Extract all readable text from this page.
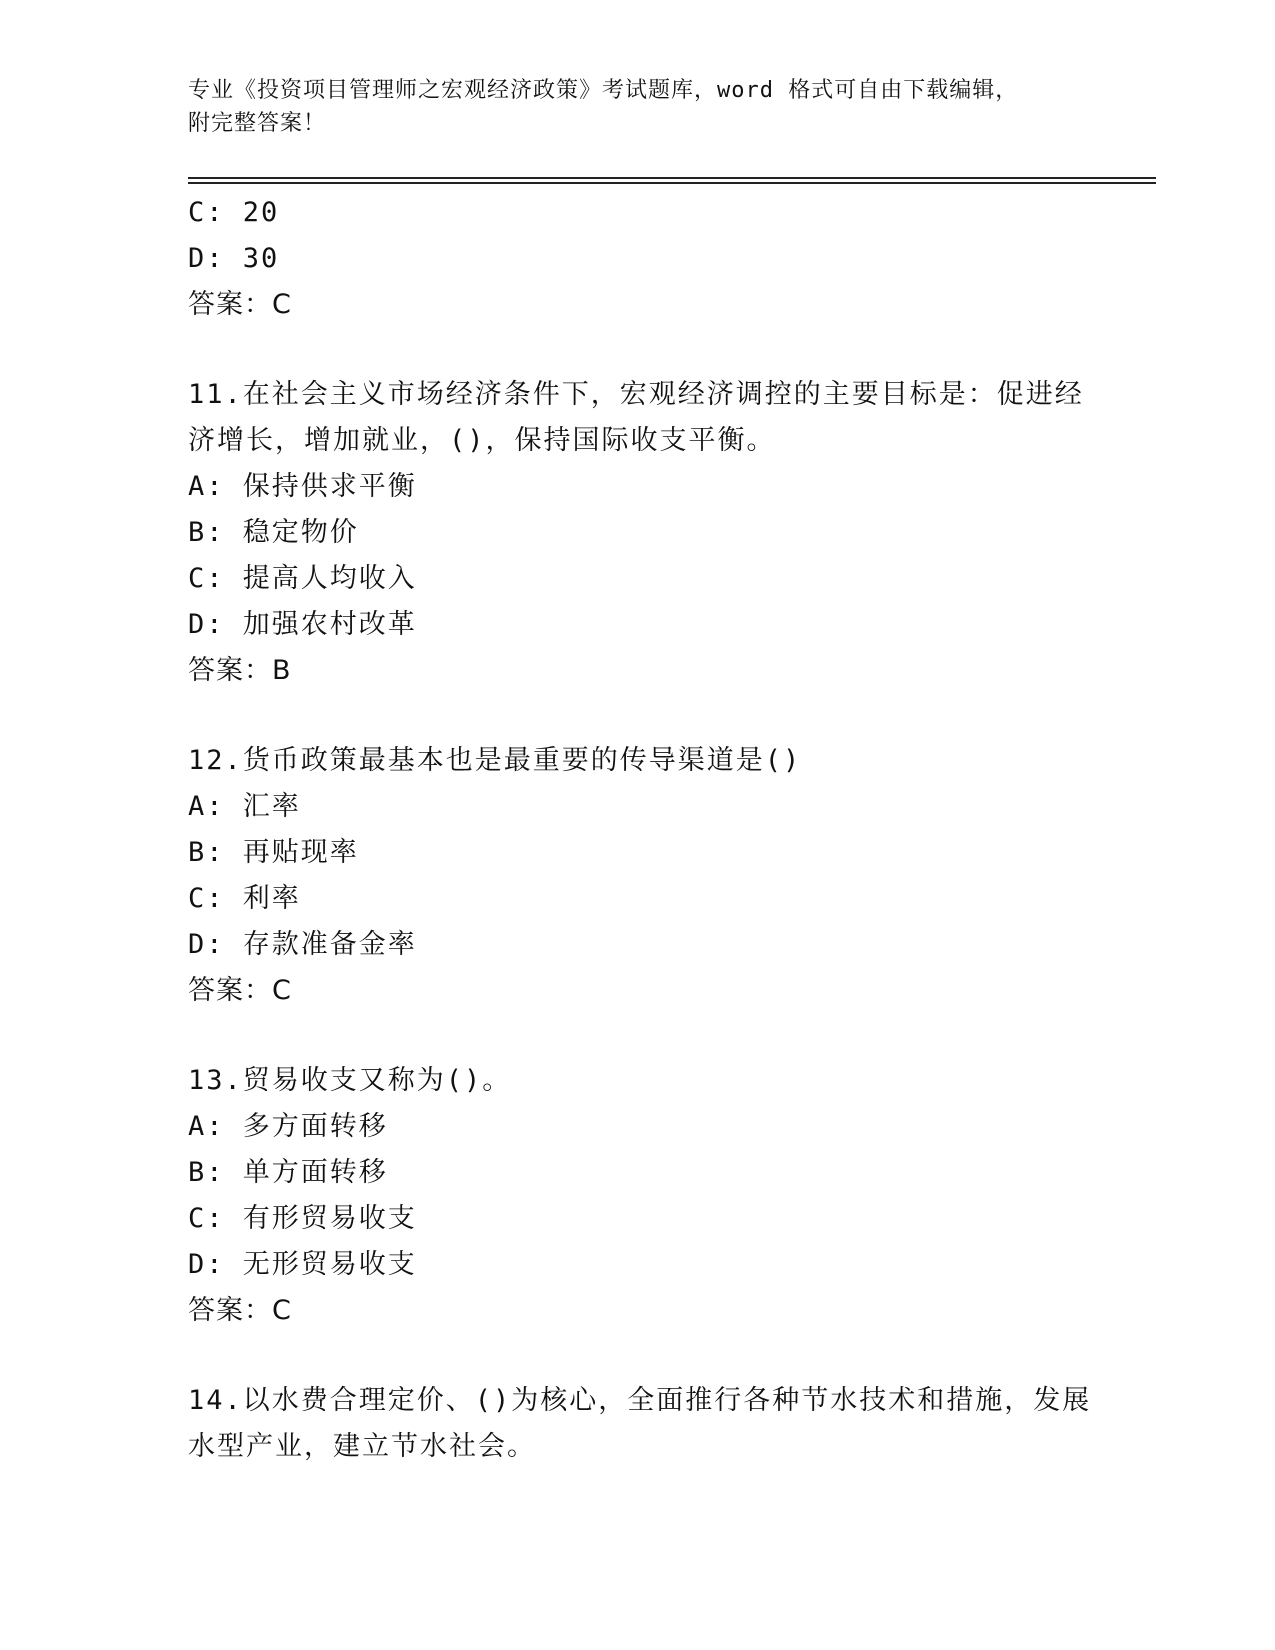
专业《投资项目管理师之宏观经济政策》考试题库，word 格式可自由下载编辑，
附完整答案！
C: 20
D: 30
答案：C
11.在社会主义市场经济条件下，宏观经济调控的主要目标是：促进经
济增长，增加就业，()，保持国际收支平衡。
A: 保持供求平衡
B: 稳定物价
C: 提高人均收入
D: 加强农村改革
答案：B
12.货币政策最基本也是最重要的传导渠道是()
A: 汇率
B: 再贴现率
C: 利率
D: 存款准备金率
答案：C
13.贸易收支又称为()。
A: 多方面转移
B: 单方面转移
C: 有形贸易收支
D: 无形贸易收支
答案：C
14.以水费合理定价、()为核心，全面推行各种节水技术和措施，发展
水型产业，建立节水社会。
